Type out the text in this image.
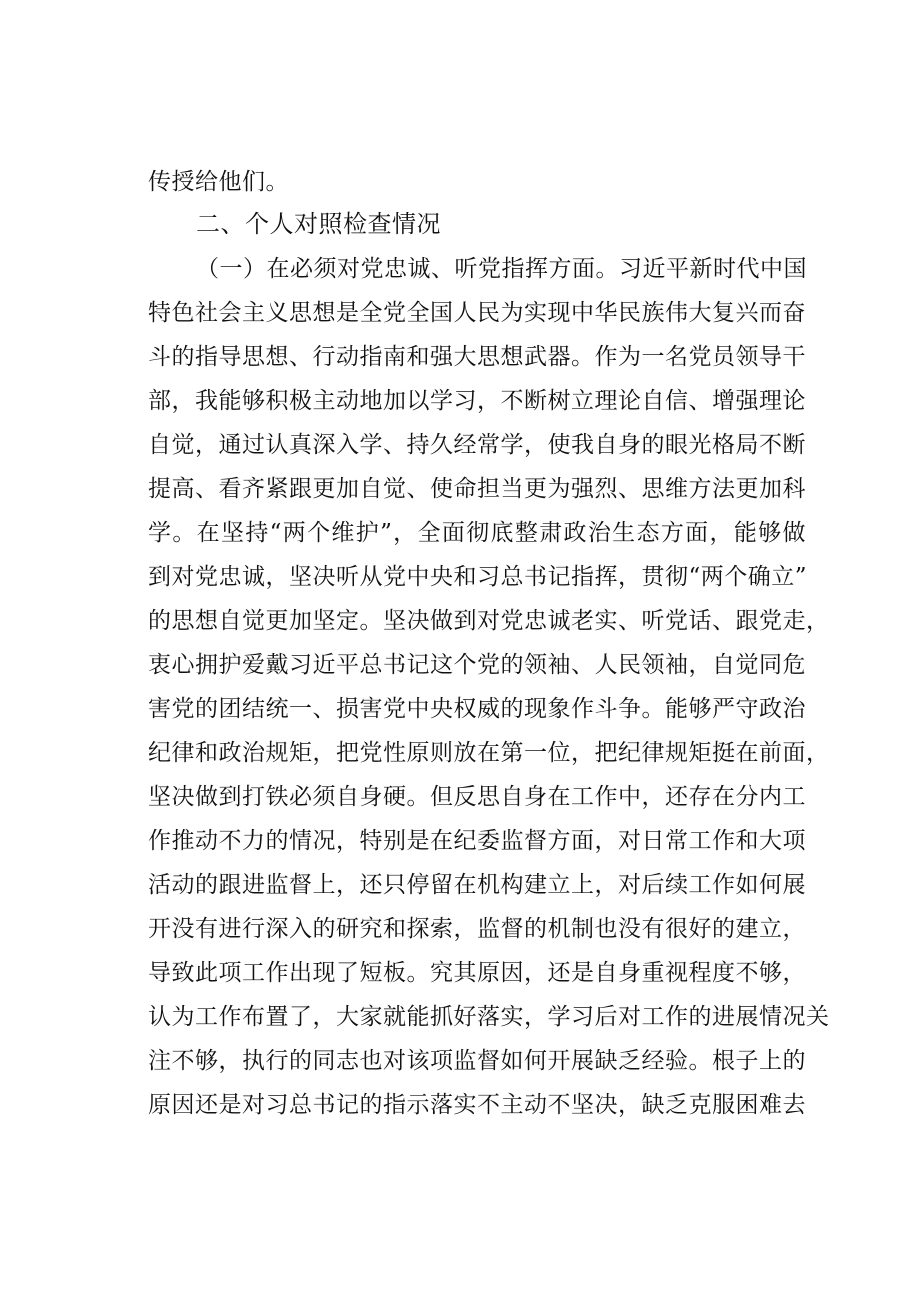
传授给他们。
二、个人对照检查情况
（一）在必须对党忠诚、听党指挥方面。习近平新时代中国
特色社会主义思想是全党全国人民为实现中华民族伟大复兴而奋
斗的指导思想、行动指南和强大思想武器。作为一名党员领导干
部，我能够积极主动地加以学习，不断树立理论自信、增强理论
自觉，通过认真深入学、持久经常学，使我自身的眼光格局不断
提高、看齐紧跟更加自觉、使命担当更为强烈、思维方法更加科
学。在坚持“两个维护”，全面彻底整肃政治生态方面，能够做
到对党忠诚，坚决听从党中央和习总书记指挥，贯彻“两个确立”
的思想自觉更加坚定。坚决做到对党忠诚老实、听党话、跟党走，
衷心拥护爱戴习近平总书记这个党的领袖、人民领袖，自觉同危
害党的团结统一、损害党中央权威的现象作斗争。能够严守政治
纪律和政治规矩，把党性原则放在第一位，把纪律规矩挺在前面，
坚决做到打铁必须自身硬。但反思自身在工作中，还存在分内工
作推动不力的情况，特别是在纪委监督方面，对日常工作和大项
活动的跟进监督上，还只停留在机构建立上，对后续工作如何展
开没有进行深入的研究和探索，监督的机制也没有很好的建立，
导致此项工作出现了短板。究其原因，还是自身重视程度不够，
认为工作布置了，大家就能抓好落实，学习后对工作的进展情况关
注不够，执行的同志也对该项监督如何开展缺乏经验。根子上的
原因还是对习总书记的指示落实不主动不坚决，缺乏克服困难去
